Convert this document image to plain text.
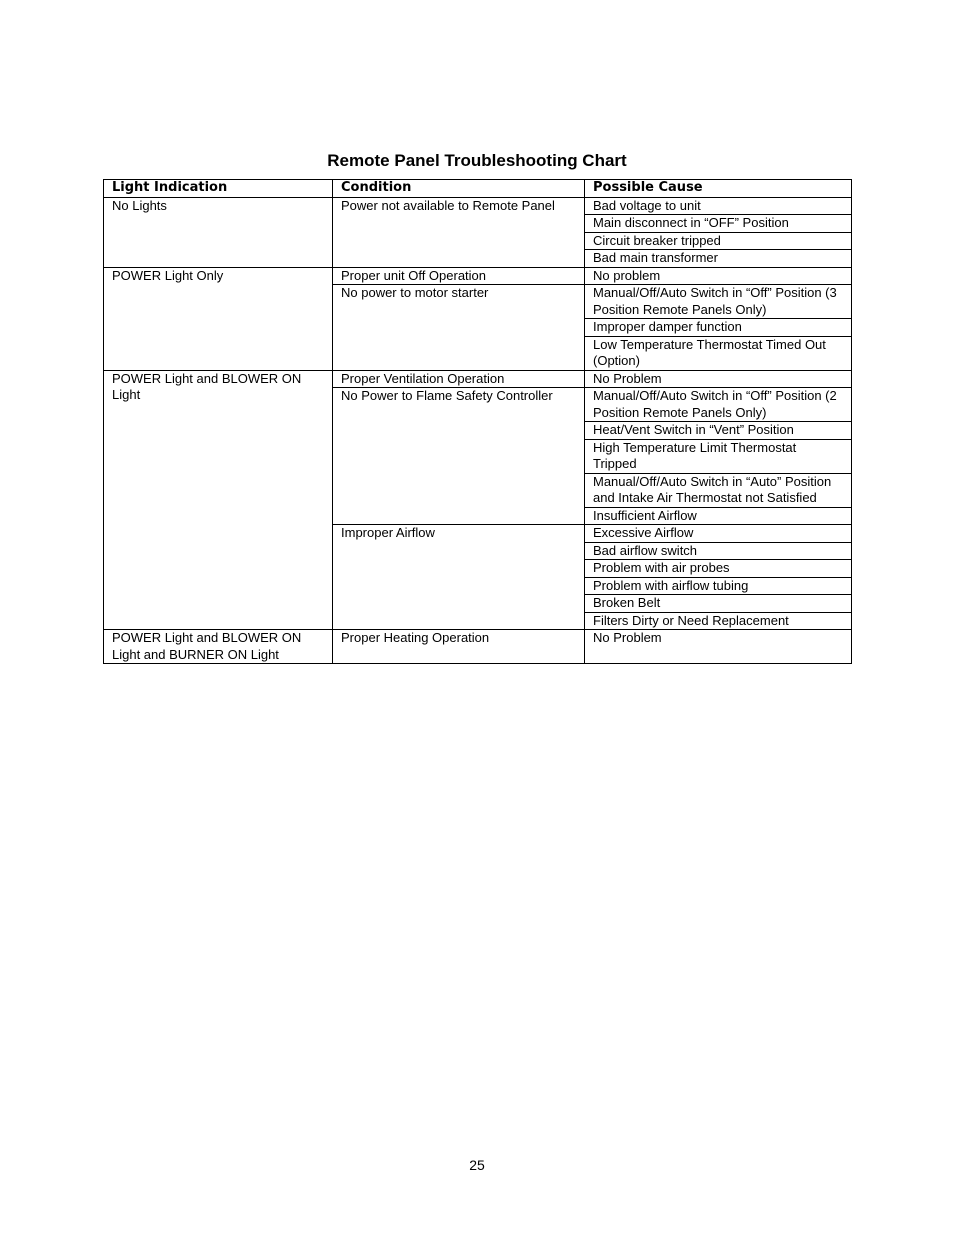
Remote Panel Troubleshooting Chart
Light Indication	Condition	Possible Cause
No Lights	Power not available to Remote Panel	Bad voltage to unit
		Main disconnect in “OFF” Position
		Circuit breaker tripped
		Bad main transformer
POWER Light Only	Proper unit Off Operation	No problem
	No power to motor starter	Manual/Off/Auto Switch in “Off” Position (3 Position Remote Panels Only)
		Improper damper function
		Low Temperature Thermostat Timed Out (Option)
POWER Light and BLOWER ON Light	Proper Ventilation Operation	No Problem
	No Power to Flame Safety Controller	Manual/Off/Auto Switch in “Off” Position (2 Position Remote Panels Only)
		Heat/Vent Switch in “Vent” Position
		High Temperature Limit Thermostat Tripped
		Manual/Off/Auto Switch in “Auto” Position and Intake Air Thermostat not Satisfied
		Insufficient Airflow
	Improper Airflow	Excessive Airflow
		Bad airflow switch
		Problem with air probes
		Problem with airflow tubing
		Broken Belt
		Filters Dirty or Need Replacement
POWER Light and BLOWER ON Light and BURNER ON Light	Proper Heating Operation	No Problem
25
